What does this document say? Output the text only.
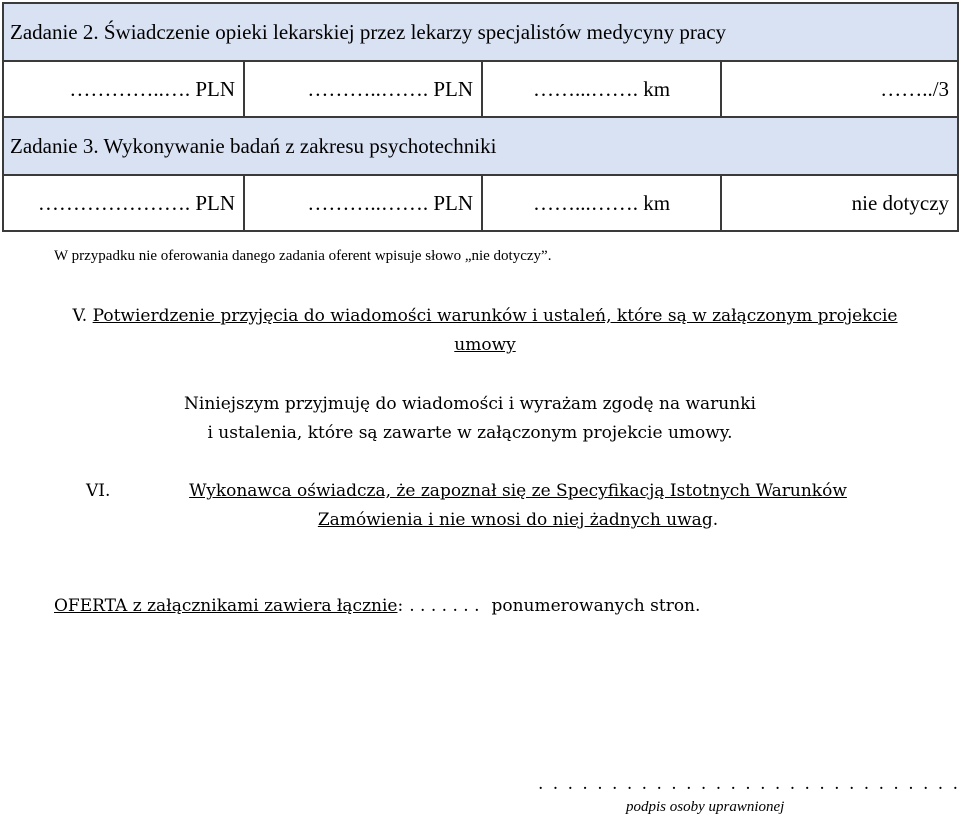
Zadanie 2. Świadczenie opieki lekarskiej przez lekarzy specjalistów medycyny pracy			
…………..…. PLN	………..……. PLN	……...……. km	……../3
Zadanie 3. Wykonywanie badań z zakresu psychotechniki			
…………………. PLN	………..……. PLN	……...……. km	nie dotyczy
W przypadku nie oferowania danego zadania oferent wpisuje słowo „nie dotyczy”.
V. Potwierdzenie przyjęcia do wiadomości warunków i ustaleń, które są w załączonym projekcie umowy
Niniejszym przyjmuję do wiadomości i wyrażam zgodę na warunki
i ustalenia, które są zawarte w załączonym projekcie umowy.
VI.	Wykonawca oświadcza, że zapoznał się ze Specyfikacją Istotnych Warunków
Zamówienia i nie wnosi do niej żadnych uwag.
OFERTA z załącznikami zawiera łącznie: . . . . . . . ponumerowanych stron.
. . . . . . . . . . . . . . . . . . . . . . . . . . . . .
podpis osoby uprawnionej
